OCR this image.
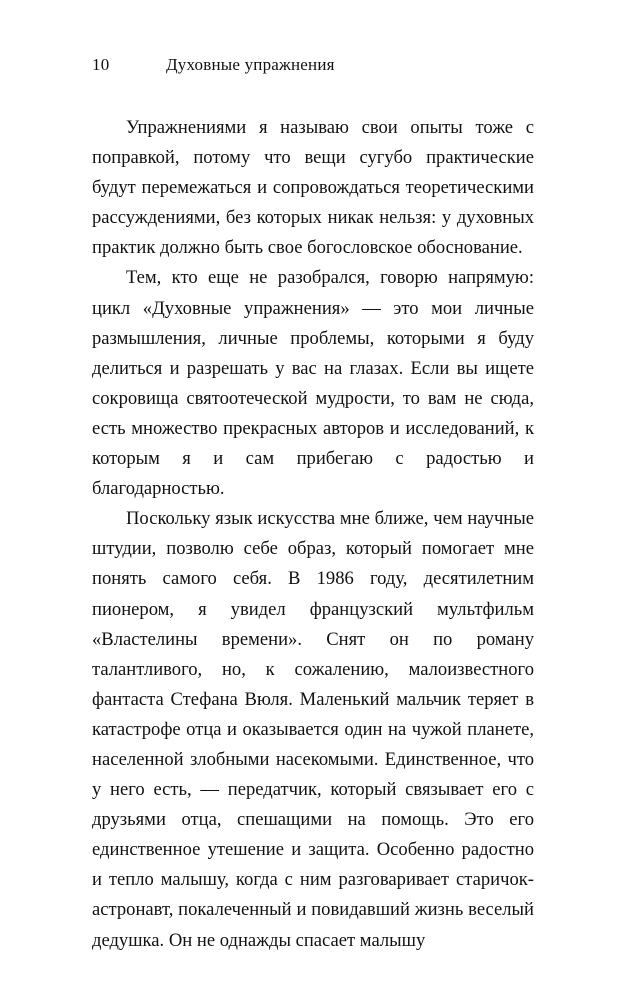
10	Духовные упражнения

Упражнениями я называю свои опыты тоже с поправкой, потому что вещи сугубо практические будут перемежаться и сопровождаться теоретическими рассуждениями, без которых никак нельзя: у духовных практик должно быть свое богословское обоснование.

Тем, кто еще не разобрался, говорю напрямую: цикл «Духовные упражнения» — это мои личные размышления, личные проблемы, которыми я буду делиться и разрешать у вас на глазах. Если вы ищете сокровища святоотеческой мудрости, то вам не сюда, есть множество прекрасных авторов и исследований, к которым я и сам прибегаю с радостью и благодарностью.

Поскольку язык искусства мне ближе, чем научные штудии, позволю себе образ, который помогает мне понять самого себя. В 1986 году, десятилетним пионером, я увидел французский мультфильм «Властелины времени». Снят он по роману талантливого, но, к сожалению, малоизвестного фантаста Стефана Вюля. Маленький мальчик теряет в катастрофе отца и оказывается один на чужой планете, населенной злобными насекомыми. Единственное, что у него есть, — передатчик, который связывает его с друзьями отца, спешащими на помощь. Это его единственное утешение и защита. Особенно радостно и тепло малышу, когда с ним разговаривает старичок-астронавт, покалеченный и повидавший жизнь веселый дедушка. Он не однажды спасает малышу
